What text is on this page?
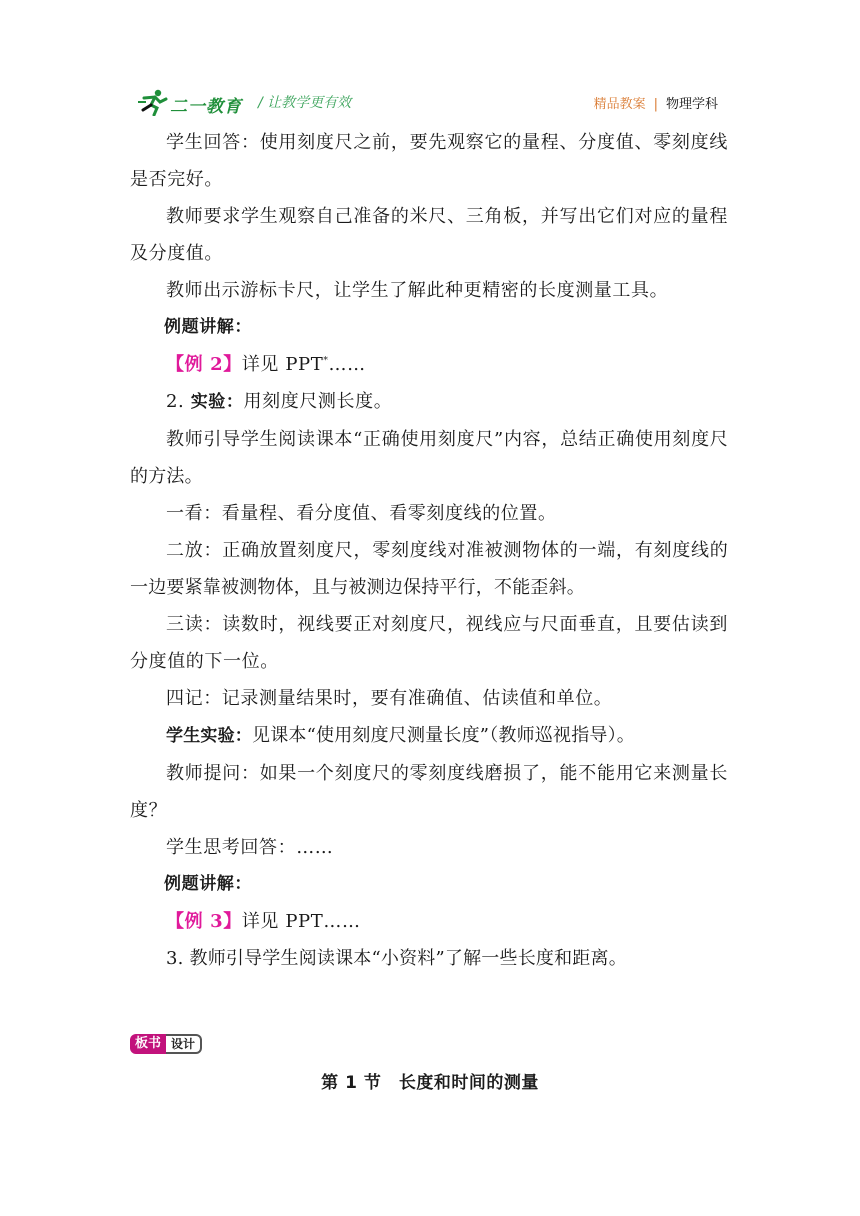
二一教育 / 让教学更有效	精品教案 | 物理学科

学生回答：使用刻度尺之前，要先观察它的量程、分度值、零刻度线是否完好。

教师要求学生观察自己准备的米尺、三角板，并写出它们对应的量程及分度值。

教师出示游标卡尺，让学生了解此种更精密的长度测量工具。

例题讲解：

【例 2】详见 PPT*……

2. 实验：用刻度尺测长度。

教师引导学生阅读课本“正确使用刻度尺”内容，总结正确使用刻度尺的方法。

一看：看量程、看分度值、看零刻度线的位置。

二放：正确放置刻度尺，零刻度线对准被测物体的一端，有刻度线的一边要紧靠被测物体，且与被测边保持平行，不能歪斜。

三读：读数时，视线要正对刻度尺，视线应与尺面垂直，且要估读到分度值的下一位。

四记：记录测量结果时，要有准确值、估读值和单位。

学生实验：见课本“使用刻度尺测量长度”（教师巡视指导）。

教师提问：如果一个刻度尺的零刻度线磨损了，能不能用它来测量长度？

学生思考回答：……

例题讲解：

【例 3】详见 PPT……

3. 教师引导学生阅读课本“小资料”了解一些长度和距离。

板书 设计
第 1 节　长度和时间的测量
